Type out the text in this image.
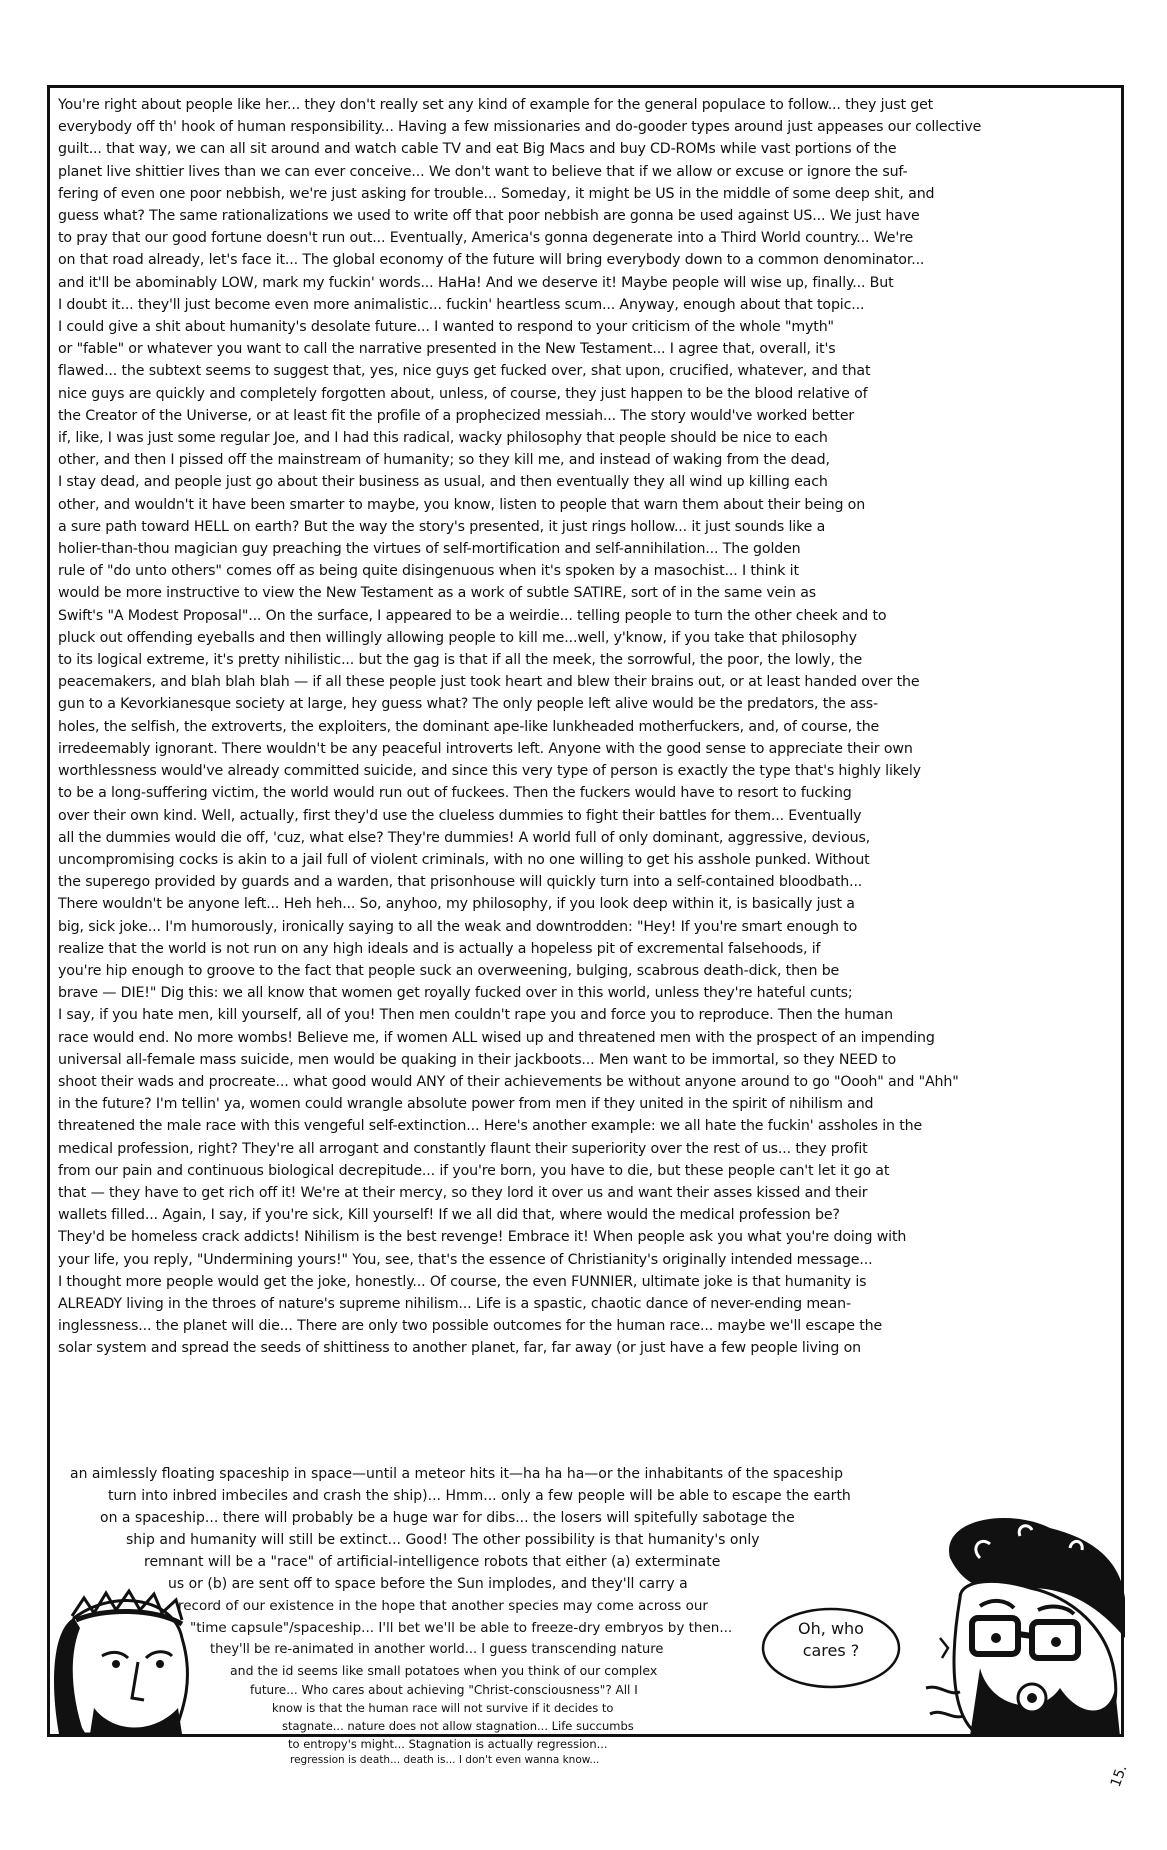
You're right about people like her... they don't really set any kind of example for the general populace to follow... they just get
everybody off th' hook of human responsibility... Having a few missionaries and do-gooder types around just appeases our collective
guilt... that way, we can all sit around and watch cable TV and eat Big Macs and buy CD-ROMs while vast portions of the
planet live shittier lives than we can ever conceive... We don't want to believe that if we allow or excuse or ignore the suf-
fering of even one poor nebbish, we're just asking for trouble... Someday, it might be US in the middle of some deep shit, and
guess what? The same rationalizations we used to write off that poor nebbish are gonna be used against US... We just have
to pray that our good fortune doesn't run out... Eventually, America's gonna degenerate into a Third World country... We're
on that road already, let's face it... The global economy of the future will bring everybody down to a common denominator...
and it'll be abominably LOW, mark my fuckin' words... HaHa! And we deserve it! Maybe people will wise up, finally... But
I doubt it... they'll just become even more animalistic... fuckin' heartless scum... Anyway, enough about that topic...
I could give a shit about humanity's desolate future... I wanted to respond to your criticism of the whole "myth"
or "fable" or whatever you want to call the narrative presented in the New Testament... I agree that, overall, it's
flawed... the subtext seems to suggest that, yes, nice guys get fucked over, shat upon, crucified, whatever, and that
nice guys are quickly and completely forgotten about, unless, of course, they just happen to be the blood relative of
the Creator of the Universe, or at least fit the profile of a prophecized messiah... The story would've worked better
if, like, I was just some regular Joe, and I had this radical, wacky philosophy that people should be nice to each
other, and then I pissed off the mainstream of humanity; so they kill me, and instead of waking from the dead,
I stay dead, and people just go about their business as usual, and then eventually they all wind up killing each
other, and wouldn't it have been smarter to maybe, you know, listen to people that warn them about their being on
a sure path toward HELL on earth? But the way the story's presented, it just rings hollow... it just sounds like a
holier-than-thou magician guy preaching the virtues of self-mortification and self-annihilation... The golden
rule of "do unto others" comes off as being quite disingenuous when it's spoken by a masochist... I think it
would be more instructive to view the New Testament as a work of subtle SATIRE, sort of in the same vein as
Swift's "A Modest Proposal"... On the surface, I appeared to be a weirdie... telling people to turn the other cheek and to
pluck out offending eyeballs and then willingly allowing people to kill me...well, y'know, if you take that philosophy
to its logical extreme, it's pretty nihilistic... but the gag is that if all the meek, the sorrowful, the poor, the lowly, the
peacemakers, and blah blah blah — if all these people just took heart and blew their brains out, or at least handed over the
gun to a Kevorkianesque society at large, hey guess what? The only people left alive would be the predators, the ass-
holes, the selfish, the extroverts, the exploiters, the dominant ape-like lunkheaded motherfuckers, and, of course, the
irredeemably ignorant. There wouldn't be any peaceful introverts left. Anyone with the good sense to appreciate their own
worthlessness would've already committed suicide, and since this very type of person is exactly the type that's highly likely
to be a long-suffering victim, the world would run out of fuckees. Then the fuckers would have to resort to fucking
over their own kind. Well, actually, first they'd use the clueless dummies to fight their battles for them... Eventually
all the dummies would die off, 'cuz, what else? They're dummies! A world full of only dominant, aggressive, devious,
uncompromising cocks is akin to a jail full of violent criminals, with no one willing to get his asshole punked. Without
the superego provided by guards and a warden, that prisonhouse will quickly turn into a self-contained bloodbath...
There wouldn't be anyone left... Heh heh... So, anyhoo, my philosophy, if you look deep within it, is basically just a
big, sick joke... I'm humorously, ironically saying to all the weak and downtrodden: "Hey! If you're smart enough to
realize that the world is not run on any high ideals and is actually a hopeless pit of excremental falsehoods, if
you're hip enough to groove to the fact that people suck an overweening, bulging, scabrous death-dick, then be
brave — DIE!" Dig this: we all know that women get royally fucked over in this world, unless they're hateful cunts;
I say, if you hate men, kill yourself, all of you! Then men couldn't rape you and force you to reproduce. Then the human
race would end. No more wombs! Believe me, if women ALL wised up and threatened men with the prospect of an impending
universal all-female mass suicide, men would be quaking in their jackboots... Men want to be immortal, so they NEED to
shoot their wads and procreate... what good would ANY of their achievements be without anyone around to go "Oooh" and "Ahh"
in the future? I'm tellin' ya, women could wrangle absolute power from men if they united in the spirit of nihilism and
threatened the male race with this vengeful self-extinction... Here's another example: we all hate the fuckin' assholes in the
medical profession, right? They're all arrogant and constantly flaunt their superiority over the rest of us... they profit
from our pain and continuous biological decrepitude... if you're born, you have to die, but these people can't let it go at
that — they have to get rich off it! We're at their mercy, so they lord it over us and want their asses kissed and their
wallets filled... Again, I say, if you're sick, Kill yourself! If we all did that, where would the medical profession be?
They'd be homeless crack addicts! Nihilism is the best revenge! Embrace it! When people ask you what you're doing with
your life, you reply, "Undermining yours!" You, see, that's the essence of Christianity's originally intended message...
I thought more people would get the joke, honestly... Of course, the even FUNNIER, ultimate joke is that humanity is
ALREADY living in the throes of nature's supreme nihilism... Life is a spastic, chaotic dance of never-ending mean-
inglessness... the planet will die... There are only two possible outcomes for the human race... maybe we'll escape the
solar system and spread the seeds of shittiness to another planet, far, far away (or just have a few people living on
an aimlessly floating spaceship in space—until a meteor hits it—ha ha ha—or the inhabitants of the spaceship
turn into inbred imbeciles and crash the ship)... Hmm... only a few people will be able to escape the earth
on a spaceship... there will probably be a huge war for dibs... the losers will spitefully sabotage the
ship and humanity will still be extinct... Good! The other possibility is that humanity's only
remnant will be a "race" of artificial-intelligence robots that either (a) exterminate
us or (b) are sent off to space before the Sun implodes, and they'll carry a
record of our existence in the hope that another species may come across our
"time capsule"/spaceship... I'll bet we'll be able to freeze-dry embryos by then...
they'll be re-animated in another world... I guess transcending nature
and the id seems like small potatoes when you think of our complex
future... Who cares about achieving "Christ-consciousness"? All I
know is that the human race will not survive if it decides to
stagnate... nature does not allow stagnation... Life succumbs
to entropy's might... Stagnation is actually regression...
regression is death... death is... I don't even wanna know...
Oh, who
cares ?
15.
